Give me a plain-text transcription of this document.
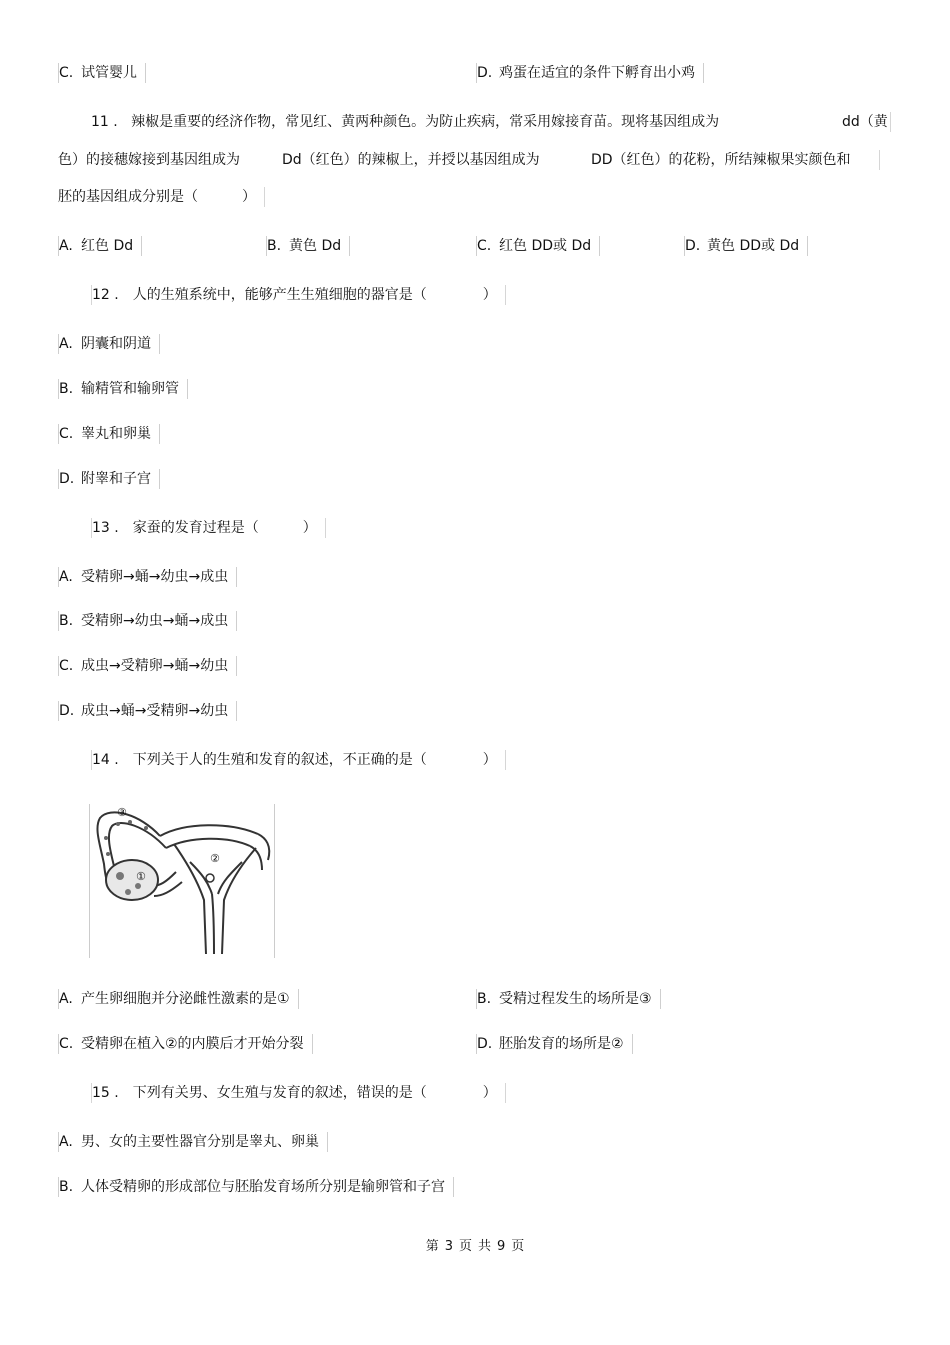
C. 试管婴儿	D. 鸡蛋在适宜的条件下孵育出小鸡
11 . 辣椒是重要的经济作物，常见红、黄两种颜色。为防止疾病，常采用嫁接育苗。现将基因组成为	dd（黄
色）的接穗嫁接到基因组成为	Dd（红色）的辣椒上，并授以基因组成为	DD（红色）的花粉，所结辣椒果实颜色和
胚的基因组成分别是（	）
A. 红色 Dd	B. 黄色 Dd	C. 红色 DD或 Dd	D. 黄色 DD或 Dd
12 . 人的生殖系统中，能够产生生殖细胞的器官是（	）
A. 阴囊和阴道
B. 输精管和输卵管
C. 睾丸和卵巢
D. 附睾和子宫
13 . 家蚕的发育过程是（	）
A. 受精卵→蛹→幼虫→成虫
B. 受精卵→幼虫→蛹→成虫
C. 成虫→受精卵→蛹→幼虫
D. 成虫→蛹→受精卵→幼虫
14 . 下列关于人的生殖和发育的叙述，不正确的是（	）
③
②
①
A. 产生卵细胞并分泌雌性激素的是①	B. 受精过程发生的场所是③
C. 受精卵在植入②的内膜后才开始分裂	D. 胚胎发育的场所是②
15 . 下列有关男、女生殖与发育的叙述，错误的是（	）
A. 男、女的主要性器官分别是睾丸、卵巢
B. 人体受精卵的形成部位与胚胎发育场所分别是输卵管和子宫
第 3 页 共 9 页
